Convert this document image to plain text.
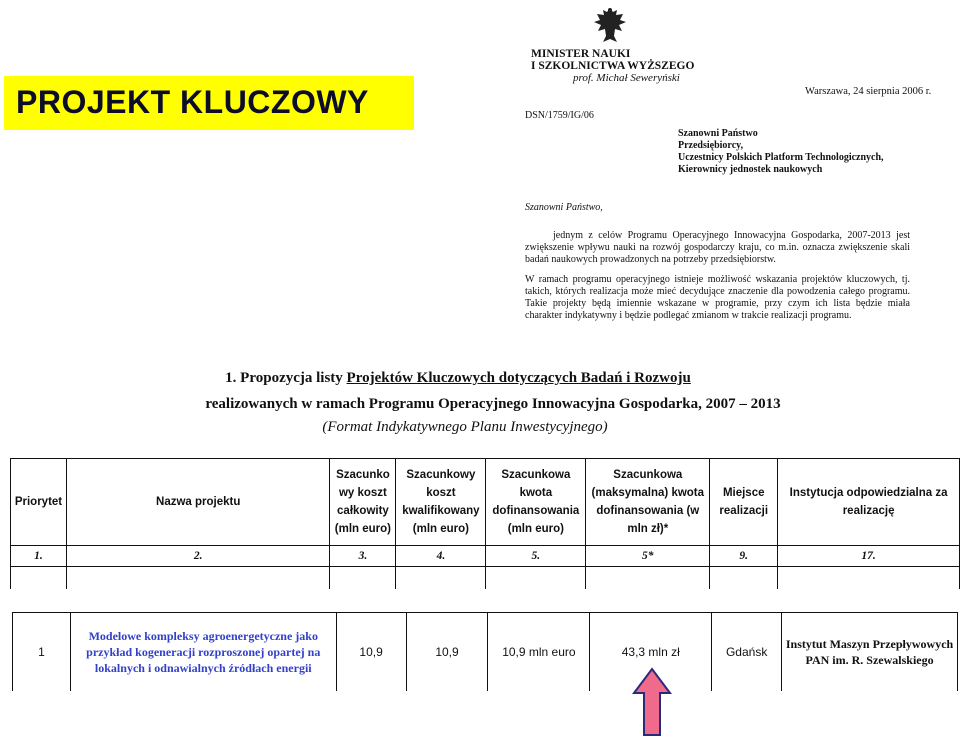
PROJEKT KLUCZOWY
MINISTER NAUKI
I SZKOLNICTWA WYŻSZEGO
prof. Michał Seweryński
Warszawa, 24 sierpnia 2006 r.
DSN/1759/IG/06
Szanowni Państwo
Przedsiębiorcy,
Uczestnicy Polskich Platform Technologicznych,
Kierownicy jednostek naukowych
Szanowni Państwo,
jednym z celów Programu Operacyjnego Innowacyjna Gospodarka, 2007-2013 jest zwiększenie wpływu nauki na rozwój gospodarczy kraju, co m.in. oznacza zwiększenie skali badań naukowych prowadzonych na potrzeby przedsiębiorstw.
W ramach programu operacyjnego istnieje możliwość wskazania projektów kluczowych, tj. takich, których realizacja może mieć decydujące znaczenie dla powodzenia całego programu. Takie projekty będą imiennie wskazane w programie, przy czym ich lista będzie miała charakter indykatywny i będzie podlegać zmianom w trakcie realizacji programu.
1. Propozycja listy Projektów Kluczowych dotyczących Badań i Rozwoju
realizowanych w ramach Programu Operacyjnego Innowacyjna Gospodarka, 2007 – 2013
(Format Indykatywnego Planu Inwestycyjnego)
Priorytet	Nazwa projektu	Szacunko wy koszt całkowity (mln euro)	Szacunkowy koszt kwalifikowany (mln euro)	Szacunkowa kwota dofinansowania (mln euro)	Szacunkowa (maksymalna) kwota dofinansowania (w mln zł)*	Miejsce realizacji	Instytucja odpowiedzialna za realizację
1.	2.	3.	4.	5.	5*	9.	17.

1	Modelowe kompleksy agroenergetyczne jako przykład kogeneracji rozproszonej opartej na lokalnych i odnawialnych źródłach energii	10,9	10,9	10,9 mln euro	43,3 mln zł	Gdańsk	Instytut Maszyn Przepływowych PAN im. R. Szewalskiego
